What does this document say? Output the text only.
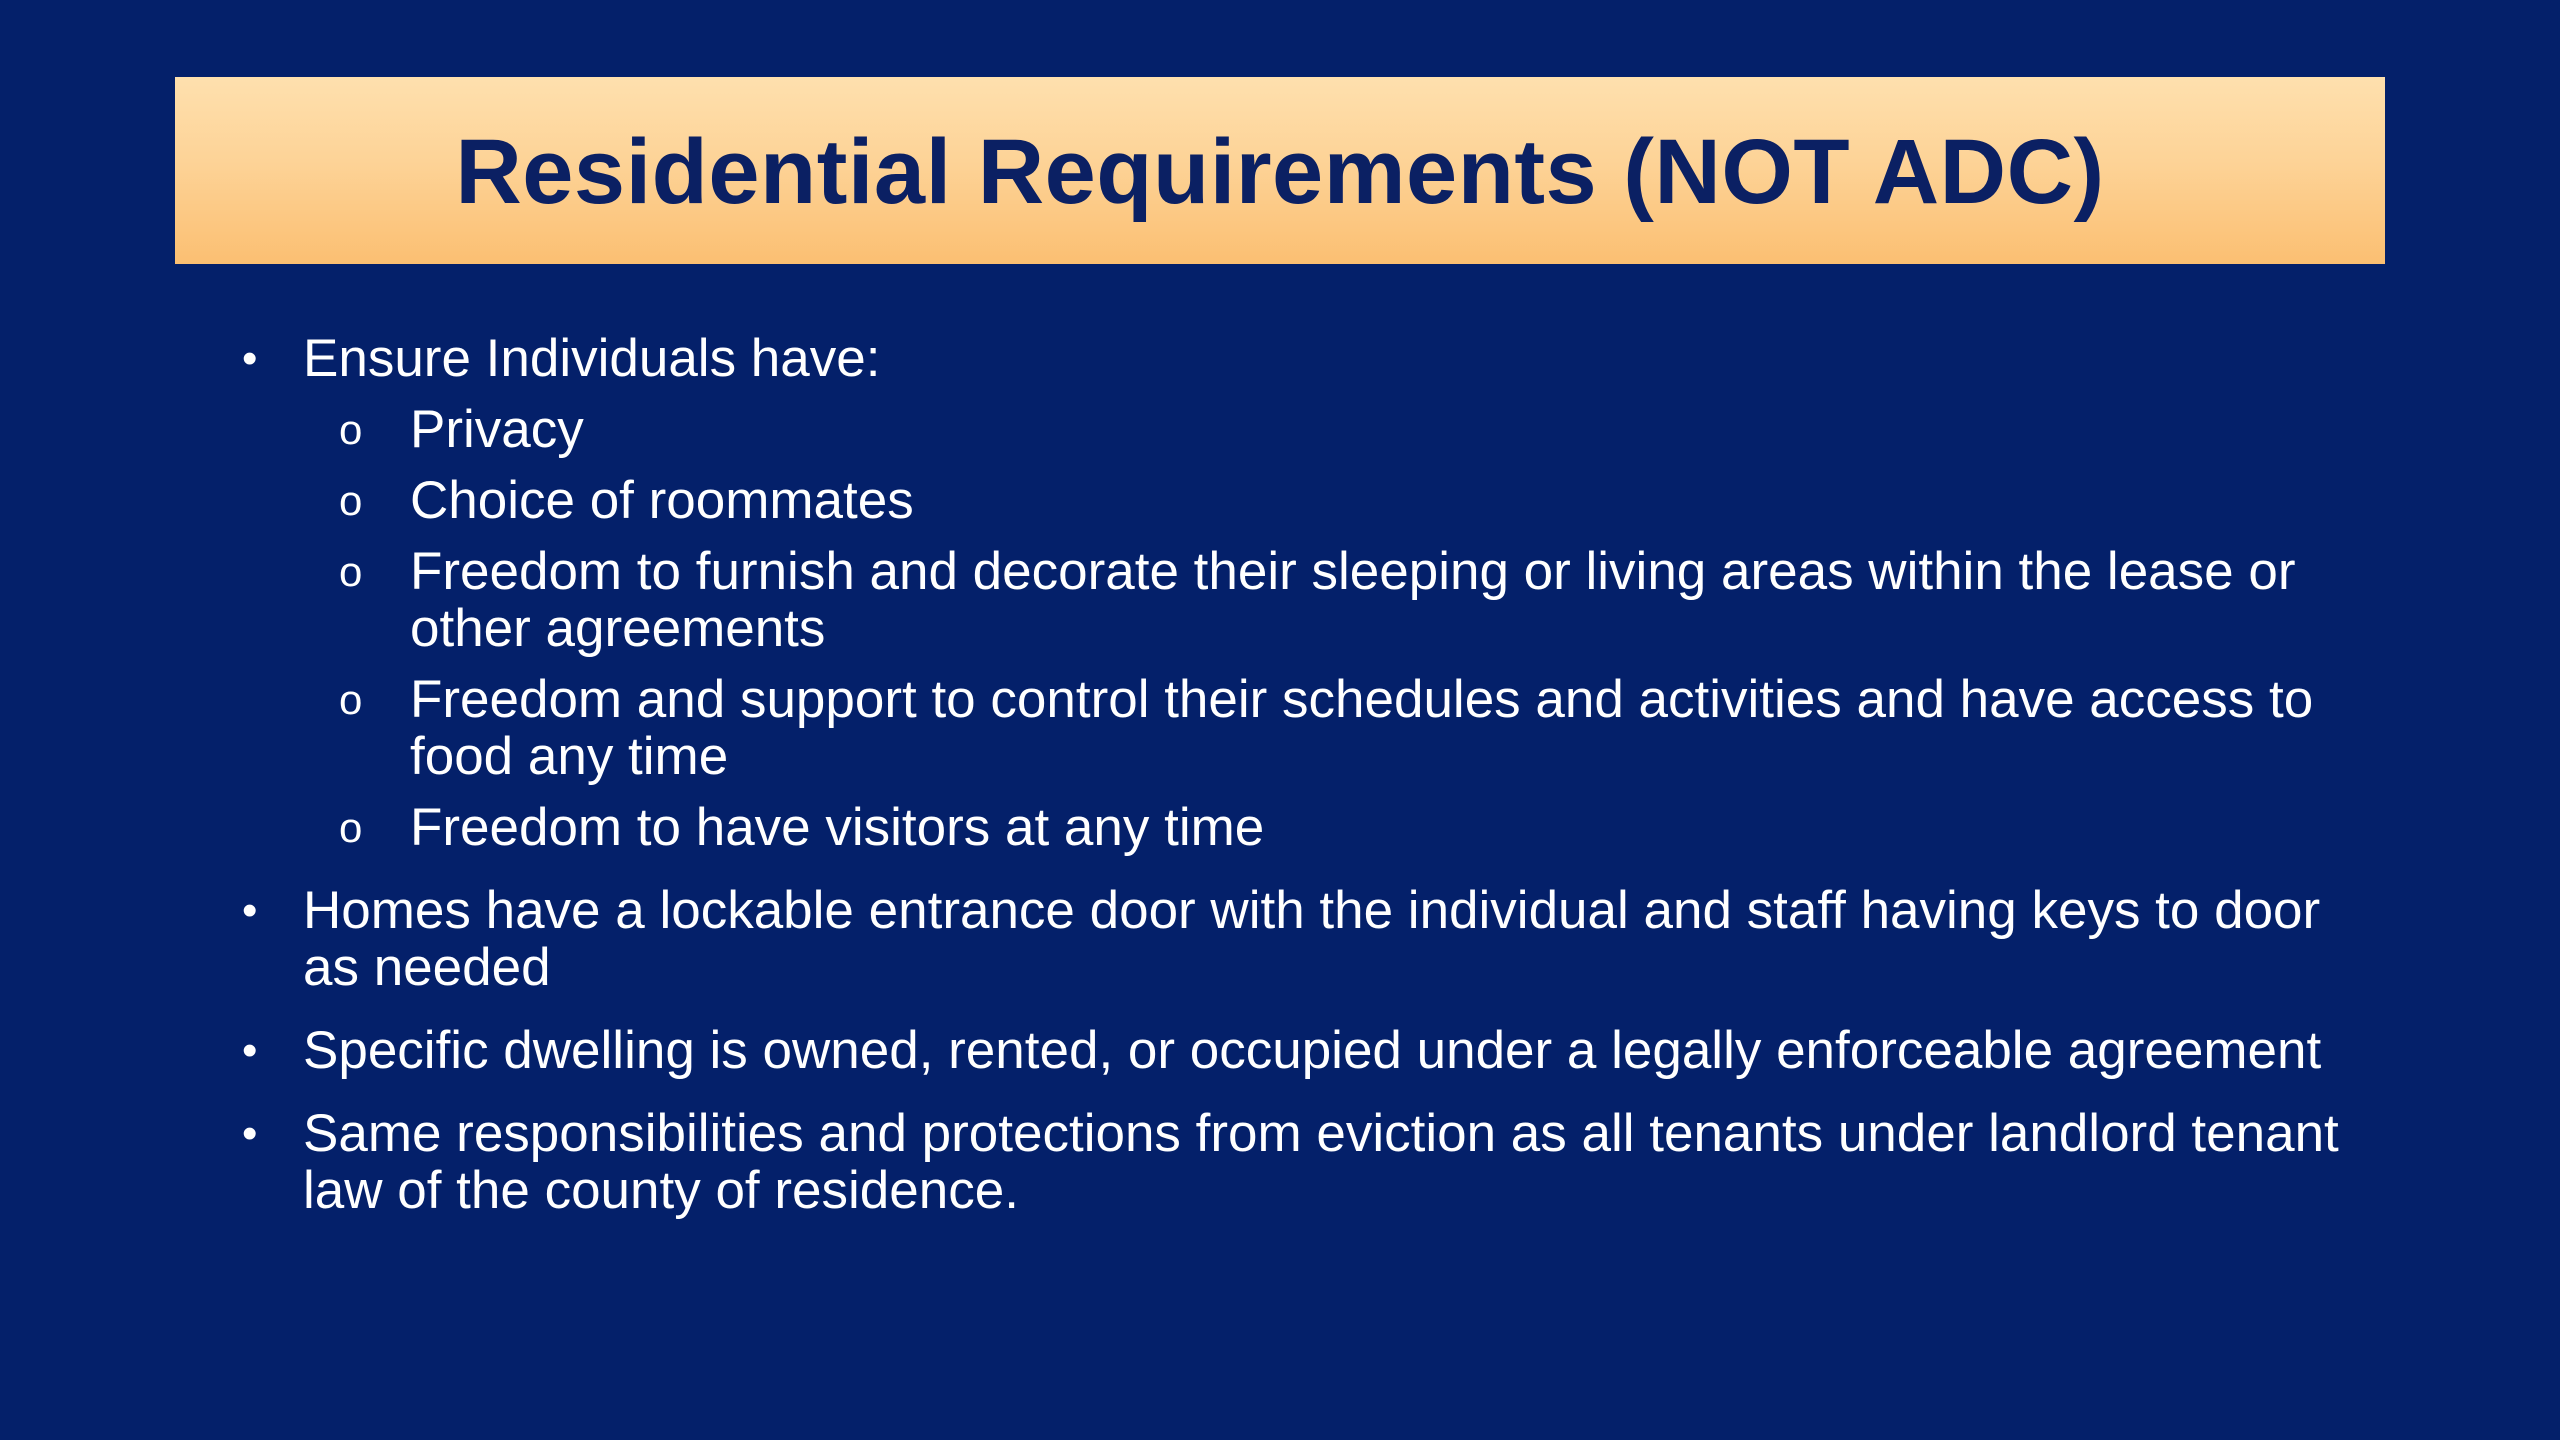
Residential Requirements (NOT ADC)
• Ensure Individuals have:
o Privacy
o Choice of roommates
o Freedom to furnish and decorate their sleeping or living areas within the lease or other agreements
o Freedom and support to control their schedules and activities and have access to food any time
o Freedom to have visitors at any time
• Homes have a lockable entrance door with the individual and staff having keys to door as needed
• Specific dwelling is owned, rented, or occupied under a legally enforceable agreement
• Same responsibilities and protections from eviction as all tenants under landlord tenant law of the county of residence.
